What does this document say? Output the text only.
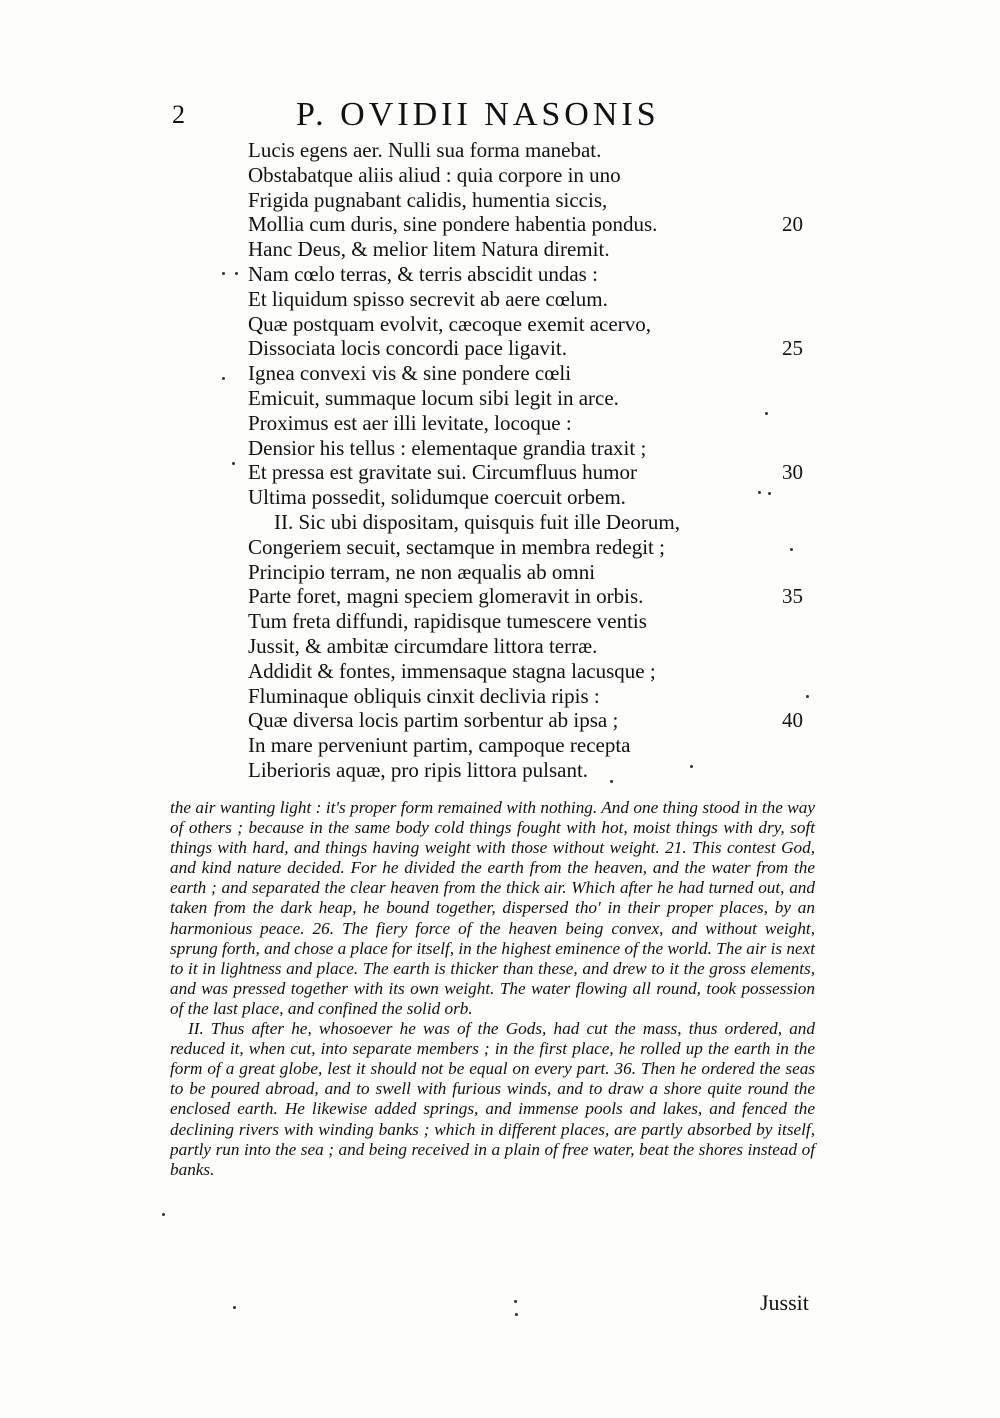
2	P. OVIDII NASONIS
Lucis egens aer. Nulli sua forma manebat.
Obstabatque aliis aliud : quia corpore in uno
Frigida pugnabant calidis, humentia siccis,
Mollia cum duris, sine pondere habentia pondus.
Hanc Deus, & melior litem Natura diremit.
Nam cœlo terras, & terris abscidit undas :
Et liquidum spisso secrevit ab aere cœlum.
Quæ postquam evolvit, cæcoque exemit acervo,
Dissociata locis concordi pace ligavit.
Ignea convexi vis & sine pondere cœli
Emicuit, summaque locum sibi legit in arce.
Proximus est aer illi levitate, locoque :
Densior his tellus : elementaque grandia traxit ;
Et pressa est gravitate sui. Circumfluus humor
Ultima possedit, solidumque coercuit orbem.
II. Sic ubi dispositam, quisquis fuit ille Deorum,
Congeriem secuit, sectamque in membra redegit ;
Principio terram, ne non æqualis ab omni
Parte foret, magni speciem glomeravit in orbis.
Tum freta diffundi, rapidisque tumescere ventis
Jussit, & ambitæ circumdare littora terræ.
Addidit & fontes, immensaque stagna lacusque ;
Fluminaque obliquis cinxit declivia ripis :
Quæ diversa locis partim sorbentur ab ipsa ;
In mare perveniunt partim, campoque recepta
Liberioris aquæ, pro ripis littora pulsant.
20
25
30
35
40

the air wanting light : it's proper form remained with nothing. And one thing stood in the way of others ; because in the same body cold things fought with hot, moist things with dry, soft things with hard, and things having weight with those without weight. 21. This contest God, and kind nature decided. For he divided the earth from the heaven, and the water from the earth ; and separated the clear heaven from the thick air. Which after he had turned out, and taken from the dark heap, he bound together, dispersed tho' in their proper places, by an harmonious peace. 26. The fiery force of the heaven being convex, and without weight, sprung forth, and chose a place for itself, in the highest eminence of the world. The air is next to it in lightness and place. The earth is thicker than these, and drew to it the gross elements, and was pressed together with its own weight. The water flowing all round, took possession of the last place, and confined the solid orb.

II. Thus after he, whosoever he was of the Gods, had cut the mass, thus ordered, and reduced it, when cut, into separate members ; in the first place, he rolled up the earth in the form of a great globe, lest it should not be equal on every part. 36. Then he ordered the seas to be poured abroad, and to swell with furious winds, and to draw a shore quite round the enclosed earth. He likewise added springs, and immense pools and lakes, and fenced the declining rivers with winding banks ; which in different places, are partly absorbed by itself, partly run into the sea ; and being received in a plain of free water, beat the shores instead of banks.

Jussit
